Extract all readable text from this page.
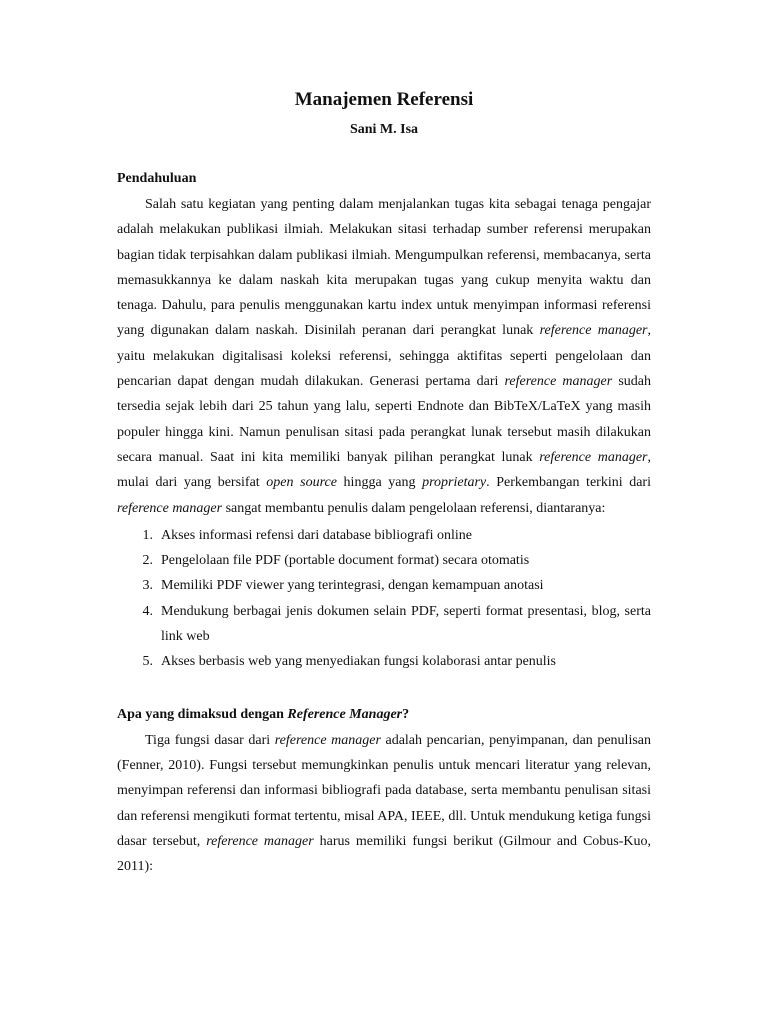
Manajemen Referensi
Sani M. Isa
Pendahuluan

Salah satu kegiatan yang penting dalam menjalankan tugas kita sebagai tenaga pengajar adalah melakukan publikasi ilmiah. Melakukan sitasi terhadap sumber referensi merupakan bagian tidak terpisahkan dalam publikasi ilmiah. Mengumpulkan referensi, membacanya, serta memasukkannya ke dalam naskah kita merupakan tugas yang cukup menyita waktu dan tenaga. Dahulu, para penulis menggunakan kartu index untuk menyimpan informasi referensi yang digunakan dalam naskah. Disinilah peranan dari perangkat lunak reference manager, yaitu melakukan digitalisasi koleksi referensi, sehingga aktifitas seperti pengelolaan dan pencarian dapat dengan mudah dilakukan. Generasi pertama dari reference manager sudah tersedia sejak lebih dari 25 tahun yang lalu, seperti Endnote dan BibTeX/LaTeX yang masih populer hingga kini. Namun penulisan sitasi pada perangkat lunak tersebut masih dilakukan secara manual. Saat ini kita memiliki banyak pilihan perangkat lunak reference manager, mulai dari yang bersifat open source hingga yang proprietary. Perkembangan terkini dari reference manager sangat membantu penulis dalam pengelolaan referensi, diantaranya:

1. Akses informasi refensi dari database bibliografi online
2. Pengelolaan file PDF (portable document format) secara otomatis
3. Memiliki PDF viewer yang terintegrasi, dengan kemampuan anotasi
4. Mendukung berbagai jenis dokumen selain PDF, seperti format presentasi, blog, serta link web
5. Akses berbasis web yang menyediakan fungsi kolaborasi antar penulis
Apa yang dimaksud dengan Reference Manager?

Tiga fungsi dasar dari reference manager adalah pencarian, penyimpanan, dan penulisan (Fenner, 2010). Fungsi tersebut memungkinkan penulis untuk mencari literatur yang relevan, menyimpan referensi dan informasi bibliografi pada database, serta membantu penulisan sitasi dan referensi mengikuti format tertentu, misal APA, IEEE, dll. Untuk mendukung ketiga fungsi dasar tersebut, reference manager harus memiliki fungsi berikut (Gilmour and Cobus-Kuo, 2011):
